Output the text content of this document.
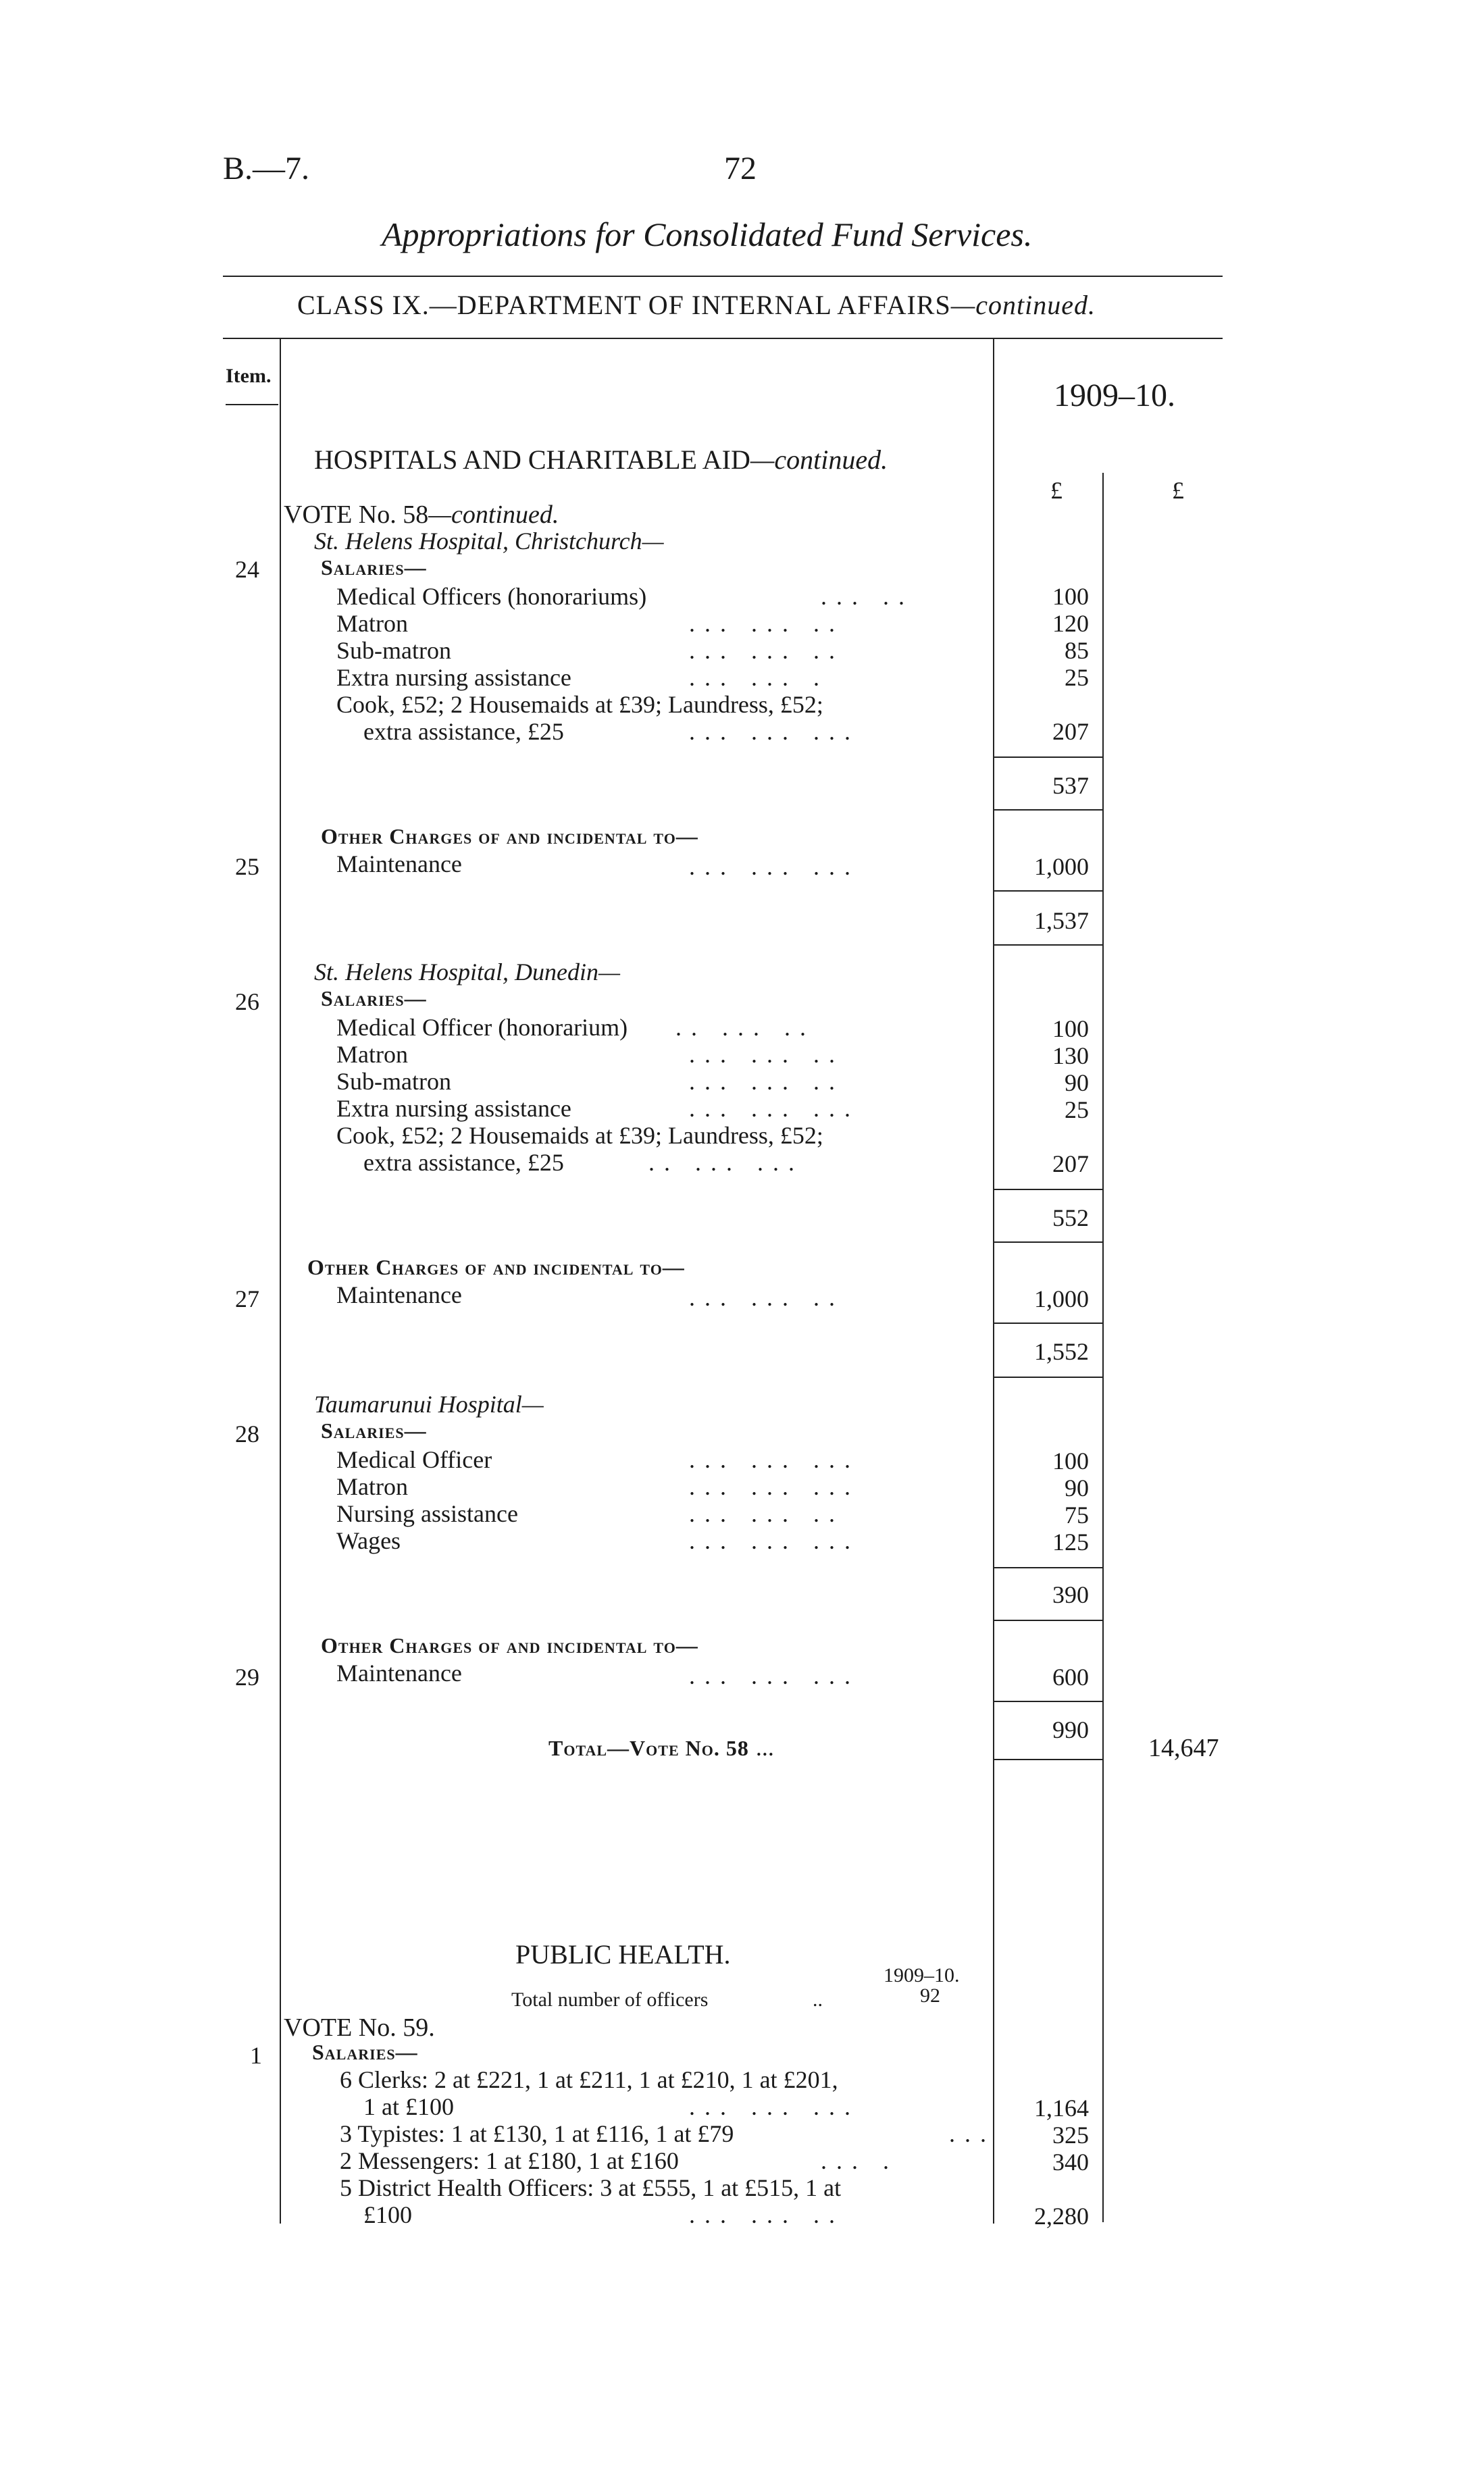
B.—7.	72
Appropriations for Consolidated Fund Services.
CLASS IX.—DEPARTMENT OF INTERNAL AFFAIRS—continued.
Item.
1909–10.
£	£
HOSPITALS AND CHARITABLE AID—continued.
VOTE No. 58—continued.
St. Helens Hospital, Christchurch—
24	Salaries—
Medical Officers (honorariums)	... ..	100
Matron	... ... ..	120
Sub-matron	... ... ..	85
Extra nursing assistance	... ... .	25
Cook, £52; 2 Housemaids at £39; Laundress, £52;
extra assistance, £25	... ... ...	207
537
Other Charges of and incidental to—
25	Maintenance	... ... ...	1,000
1,537
St. Helens Hospital, Dunedin—
26	Salaries—
Medical Officer (honorarium) .. ... ..	100
Matron	... ... ..	130
Sub-matron	... ... ..	90
Extra nursing assistance	... ... ...	25
Cook, £52; 2 Housemaids at £39; Laundress, £52;
extra assistance, £25	.. ... ...	207
552
Other Charges of and incidental to—
27	Maintenance	... ... ..	1,000
1,552
Taumarunui Hospital—
28	Salaries—
Medical Officer	... ... ...	100
Matron	... ... ...	90
Nursing assistance	... ... ..	75
Wages	... ... ...	125
390
Other Charges of and incidental to—
29	Maintenance	... ... ...	600
990
Total—Vote No. 58 ...	14,647
PUBLIC HEALTH.
1909–10.
Total number of officers	..	92
VOTE No. 59.
1 Salaries—
6 Clerks: 2 at £221, 1 at £211, 1 at £210, 1 at £201,
1 at £100	... ... ...	1,164
3 Typistes: 1 at £130, 1 at £116, 1 at £79	...	325
2 Messengers: 1 at £180, 1 at £160	... .	340
5 District Health Officers: 3 at £555, 1 at £515, 1 at
£100	... ... ..	2,280
